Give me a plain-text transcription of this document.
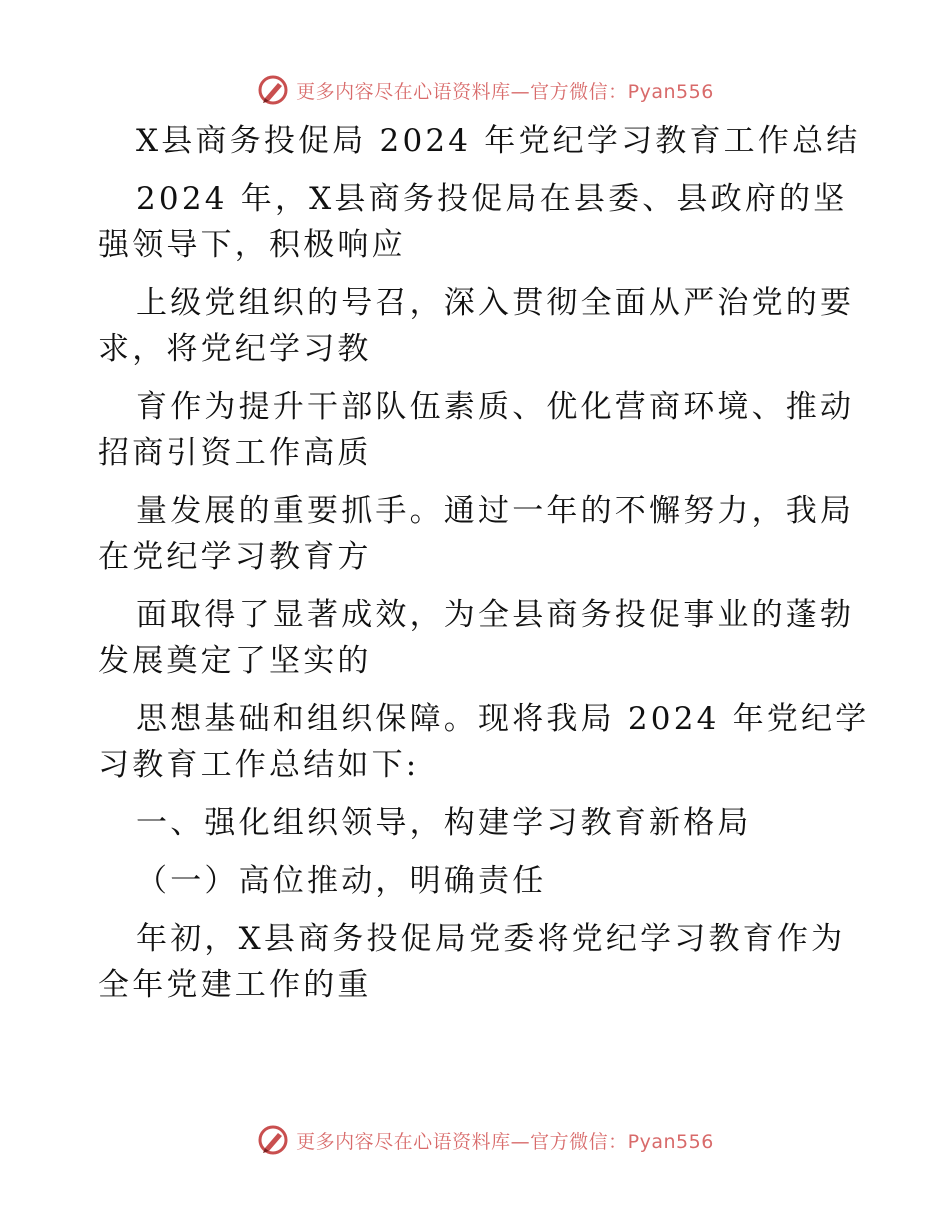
更多内容尽在心语资料库—官方微信：Pyan556
X县商务投促局 2024 年党纪学习教育工作总结
2024 年，X县商务投促局在县委、县政府的坚
强领导下，积极响应
上级党组织的号召，深入贯彻全面从严治党的要
求，将党纪学习教
育作为提升干部队伍素质、优化营商环境、推动
招商引资工作高质
量发展的重要抓手。通过一年的不懈努力，我局
在党纪学习教育方
面取得了显著成效，为全县商务投促事业的蓬勃
发展奠定了坚实的
思想基础和组织保障。现将我局 2024 年党纪学
习教育工作总结如下:
一、强化组织领导，构建学习教育新格局
（一）高位推动，明确责任
年初，X县商务投促局党委将党纪学习教育作为
全年党建工作的重
更多内容尽在心语资料库—官方微信：Pyan556
